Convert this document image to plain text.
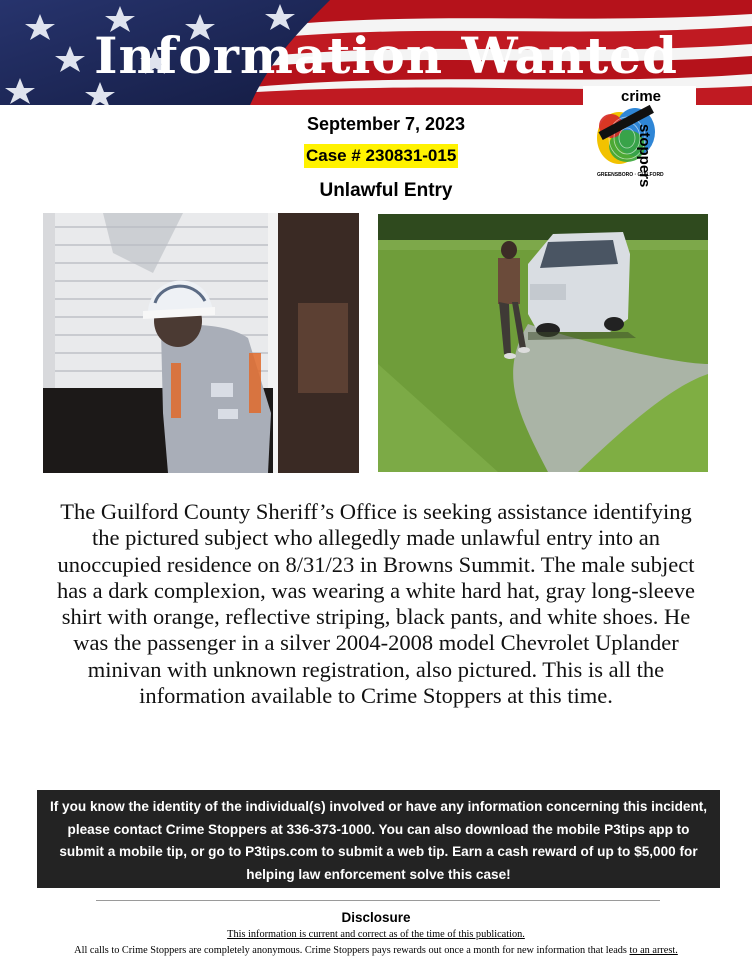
Information Wanted
crime
stoppers
GREENSBORO · GUILFORD
September 7, 2023
Case # 230831-015
Unlawful Entry

The Guilford County Sheriff’s Office is seeking assistance identifying the pictured subject who allegedly made unlawful entry into an unoccupied residence on 8/31/23 in Browns Summit. The male subject has a dark complexion, was wearing a white hard hat, gray long-sleeve shirt with orange, reflective striping, black pants, and white shoes. He was the passenger in a silver 2004-2008 model Chevrolet Uplander minivan with unknown registration, also pictured. This is all the information available to Crime Stoppers at this time.

If you know the identity of the individual(s) involved or have any information concerning this incident, please contact Crime Stoppers at 336-373-1000. You can also download the mobile P3tips app to submit a mobile tip, or go to P3tips.com to submit a web tip. Earn a cash reward of up to $5,000 for helping law enforcement solve this case!

Disclosure
This information is current and correct as of the time of this publication.
All calls to Crime Stoppers are completely anonymous. Crime Stoppers pays rewards out once a month for new information that leads to an arrest.
